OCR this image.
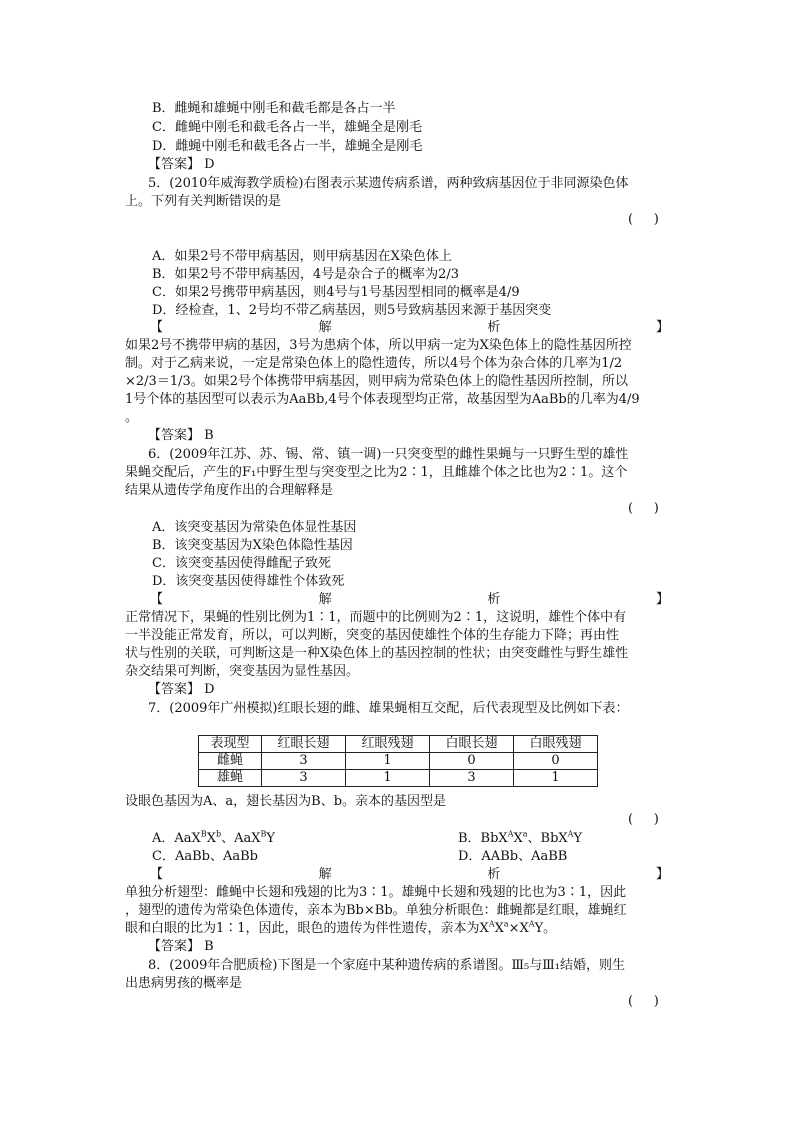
B．雌蝇和雄蝇中刚毛和截毛都是各占一半
C．雌蝇中刚毛和截毛各占一半，雄蝇全是刚毛
D．雌蝇中刚毛和截毛各占一半，雄蝇全是刚毛
【答案】 D
5．(2010年威海教学质检)右图表示某遗传病系谱，两种致病基因位于非同源染色体
上。下列有关判断错误的是
(     )
A．如果2号不带甲病基因，则甲病基因在X染色体上
B．如果2号不带甲病基因，4号是杂合子的概率为2/3
C．如果2号携带甲病基因，则4号与1号基因型相同的概率是4/9
D．经检查，1、2号均不带乙病基因，则5号致病基因来源于基因突变
【	解	析	】
如果2号不携带甲病的基因，3号为患病个体，所以甲病一定为X染色体上的隐性基因所控
制。对于乙病来说，一定是常染色体上的隐性遗传，所以4号个体为杂合体的几率为1/2
×2/3＝1/3。如果2号个体携带甲病基因，则甲病为常染色体上的隐性基因所控制，所以
1号个体的基因型可以表示为AaBb,4号个体表现型均正常，故基因型为AaBb的几率为4/9
。
【答案】 B
6．(2009年江苏、苏、锡、常、镇一调)一只突变型的雌性果蝇与一只野生型的雄性
果蝇交配后，产生的F₁中野生型与突变型之比为2∶1，且雌雄个体之比也为2∶1。这个
结果从遗传学角度作出的合理解释是
(     )
A．该突变基因为常染色体显性基因
B．该突变基因为X染色体隐性基因
C．该突变基因使得雌配子致死
D．该突变基因使得雄性个体致死
【	解	析	】
正常情况下，果蝇的性别比例为1∶1，而题中的比例则为2∶1，这说明，雄性个体中有
一半没能正常发育，所以，可以判断，突变的基因使雄性个体的生存能力下降；再由性
状与性别的关联，可判断这是一种X染色体上的基因控制的性状；由突变雌性与野生雄性
杂交结果可判断，突变基因为显性基因。
【答案】 D
7．(2009年广州模拟)红眼长翅的雌、雄果蝇相互交配，后代表现型及比例如下表：
表现型	红眼长翅	红眼残翅	白眼长翅	白眼残翅
雌蝇	3	1	0	0
雄蝇	3	1	3	1
设眼色基因为A、a，翅长基因为B、b。亲本的基因型是
(     )
A．$AaX^BX^b$、AaX$^B$Y	B．$BbX^AX^a$、BbX$^A$Y
C．AaBb、AaBb	D．AABb、AaBB
【	解	析	】
单独分析翅型：雌蝇中长翅和残翅的比为3∶1。雄蝇中长翅和残翅的比也为3∶1，因此
，翅型的遗传为常染色体遗传，亲本为Bb×Bb。单独分析眼色：雌蝇都是红眼，雄蝇红
眼和白眼的比为1∶1，因此，眼色的遗传为伴性遗传，亲本为$X^AX^a\times X^AY$。
【答案】 B
8．(2009年合肥质检)下图是一个家庭中某种遗传病的系谱图。Ⅲ₅与Ⅲ₁结婚，则生
出患病男孩的概率是
(     )
